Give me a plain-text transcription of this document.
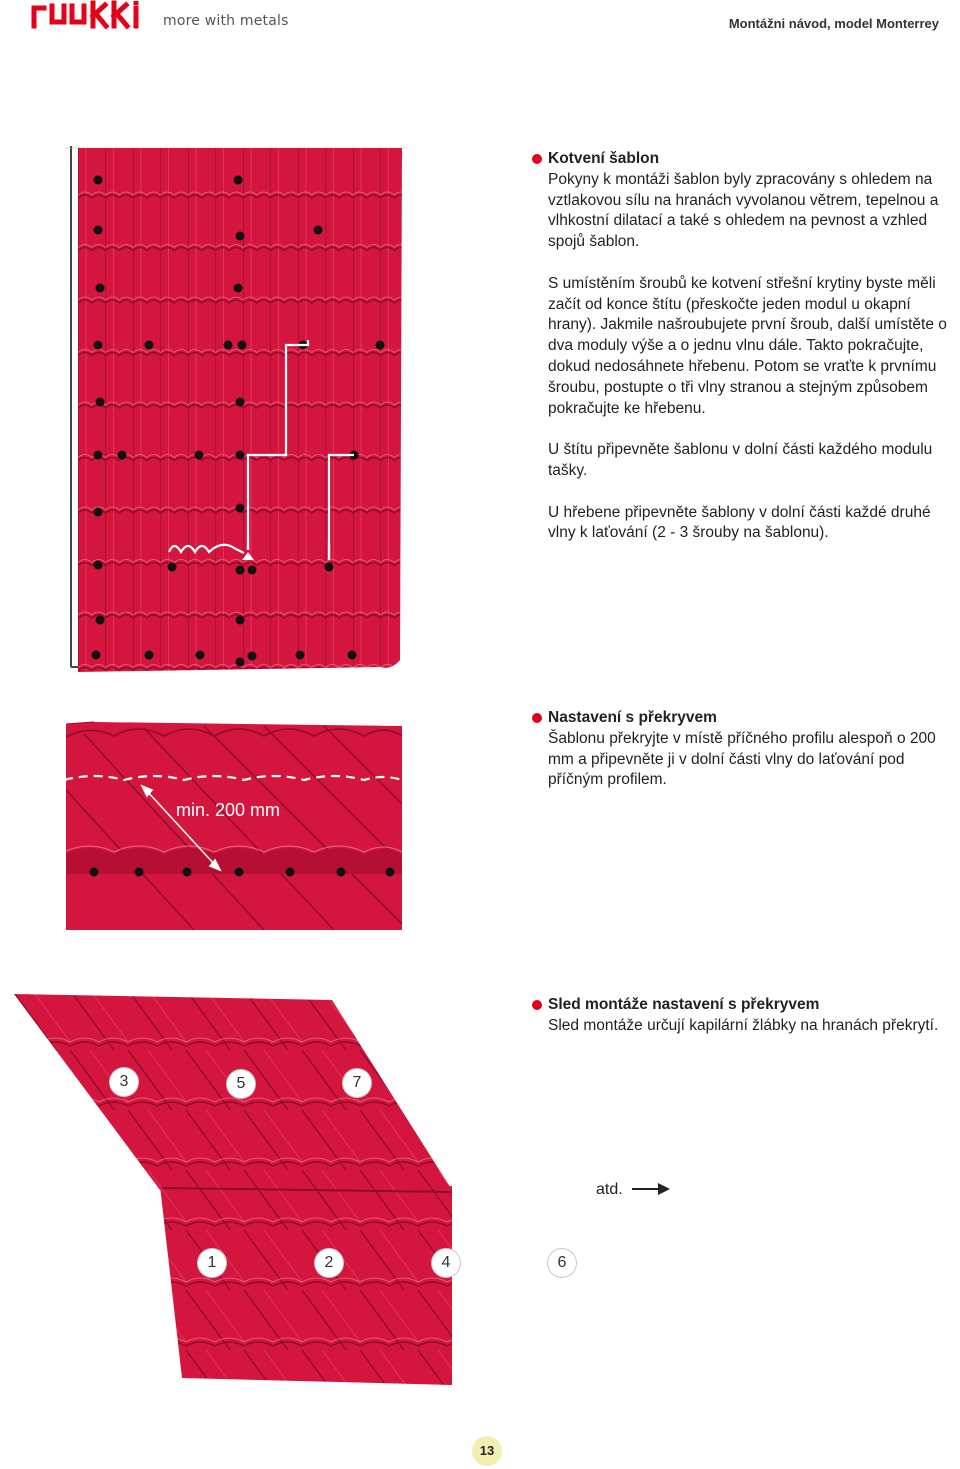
more with metals	Montážni návod, model Monterrey
Kotvení šablon

Pokyny k montáži šablon byly zpracovány s ohledem na vztlakovou sílu na hranách vyvolanou větrem, tepelnou a vlhkostní dilatací a také s ohledem na pevnost a vzhled spojů šablon.

S umístěním šroubů ke kotvení střešní krytiny byste měli začít od konce štítu (přeskočte jeden modul u okapní hrany). Jakmile našroubujete první šroub, další umístěte o dva moduly výše a o jednu vlnu dále. Takto pokračujte, dokud nedosáhnete hřebenu. Potom se vraťte k prvnímu šroubu, postupte o tři vlny stranou a stejným způsobem pokračujte ke hřebenu.

U štítu připevněte šablonu v dolní části každého modulu tašky.

U hřebene připevněte šablony v dolní části každé druhé vlny k laťování (2 - 3 šrouby na šablonu).

min. 200 mm
Nastavení s překryvem

Šablonu překryjte v místě příčného profilu alespoň o 200 mm a připevněte ji v dolní části vlny do laťování pod příčným profilem.

3	5	7
1	2	4	6
atd.
Sled montáže nastavení s překryvem

Sled montáže určují kapilární žlábky na hranách překrytí.

13
